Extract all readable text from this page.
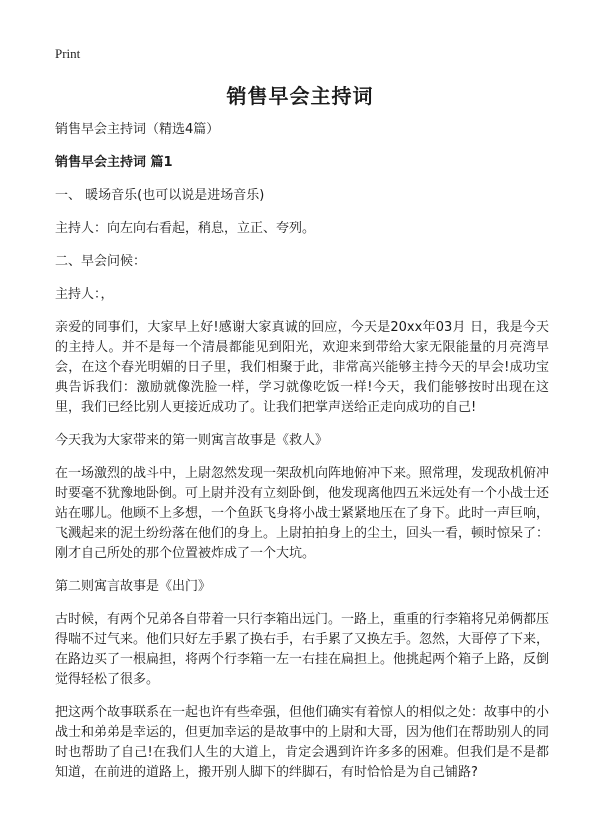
Print
销售早会主持词

销售早会主持词（精选4篇）

销售早会主持词 篇1

一、 暖场音乐(也可以说是进场音乐)

主持人：向左向右看起，稍息，立正、夸列。

二、早会问候：

主持人：，

亲爱的同事们，大家早上好!感谢大家真诚的回应，今天是20xx年03月 日，我是今天的主持人。并不是每一个清晨都能见到阳光，欢迎来到带给大家无限能量的月亮湾早会，在这个春光明媚的日子里，我们相聚于此，非常高兴能够主持今天的早会!成功宝典告诉我们：激励就像洗脸一样，学习就像吃饭一样!今天，我们能够按时出现在这里，我们已经比别人更接近成功了。让我们把掌声送给正走向成功的自己!

今天我为大家带来的第一则寓言故事是《救人》

在一场激烈的战斗中，上尉忽然发现一架敌机向阵地俯冲下来。照常理，发现敌机俯冲时要毫不犹豫地卧倒。可上尉并没有立刻卧倒，他发现离他四五米远处有一个小战士还站在哪儿。他顾不上多想，一个鱼跃飞身将小战士紧紧地压在了身下。此时一声巨响，飞溅起来的泥土纷纷落在他们的身上。上尉拍拍身上的尘土，回头一看，顿时惊呆了：刚才自己所处的那个位置被炸成了一个大坑。

第二则寓言故事是《出门》

古时候，有两个兄弟各自带着一只行李箱出远门。一路上，重重的行李箱将兄弟俩都压得喘不过气来。他们只好左手累了换右手，右手累了又换左手。忽然，大哥停了下来，在路边买了一根扁担，将两个行李箱一左一右挂在扁担上。他挑起两个箱子上路，反倒觉得轻松了很多。

把这两个故事联系在一起也许有些牵强，但他们确实有着惊人的相似之处：故事中的小战士和弟弟是幸运的，但更加幸运的是故事中的上尉和大哥，因为他们在帮助别人的同时也帮助了自己!在我们人生的大道上，肯定会遇到许许多多的困难。但我们是不是都知道，在前进的道路上，搬开别人脚下的绊脚石，有时恰恰是为自己铺路?
